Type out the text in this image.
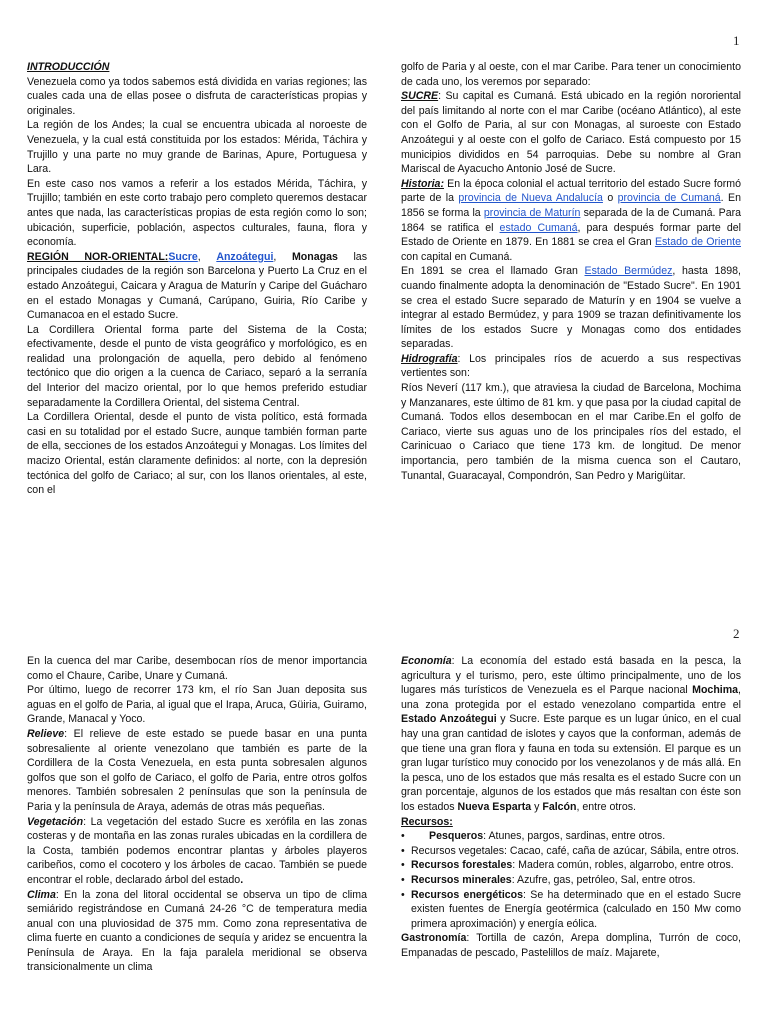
1

INTRODUCCIÓN

Venezuela como ya todos sabemos está dividida en varias regiones; las cuales cada una de ellas posee o disfruta de características propias y originales.

La región de los Andes; la cual se encuentra ubicada al noroeste de Venezuela, y la cual está constituida por los estados: Mérida, Táchira y Trujillo y una parte no muy grande de Barinas, Apure, Portuguesa y Lara.

En este caso nos vamos a referir a los estados Mérida, Táchira, y Trujillo; también en este corto trabajo pero completo queremos destacar antes que nada, las características propias de esta región como lo son; ubicación, superficie, población, aspectos culturales, fauna, flora y economía.

REGIÓN NOR-ORIENTAL:Sucre, Anzoátegui, Monagas las principales ciudades de la región son Barcelona y Puerto La Cruz en el estado Anzoátegui, Caicara y Aragua de Maturín y Caripe del Guácharo en el estado Monagas y Cumaná, Carúpano, Guiria, Río Caribe y Cumanacoa en el estado Sucre.

La Cordillera Oriental forma parte del Sistema de la Costa; efectivamente, desde el punto de vista geográfico y morfológico, es en realidad una prolongación de aquella, pero debido al fenómeno tectónico que dio origen a la cuenca de Cariaco, separó a la serranía del Interior del macizo oriental, por lo que hemos preferido estudiar separadamente la Cordillera Oriental, del sistema Central.

La Cordillera Oriental, desde el punto de vista político, está formada casi en su totalidad por el estado Sucre, aunque también forman parte de ella, secciones de los estados Anzoátegui y Monagas. Los límites del macizo Oriental, están claramente definidos: al norte, con la depresión tectónica del golfo de Cariaco; al sur, con los llanos orientales, al este, con el

golfo de Paria y al oeste, con el mar Caribe. Para tener un conocimiento de cada uno, los veremos por separado:

SUCRE: Su capital es Cumaná. Está ubicado en la región nororiental del país limitando al norte con el mar Caribe (océano Atlántico), al este con el Golfo de Paria, al sur con Monagas, al suroeste con Estado Anzoátegui y al oeste con el golfo de Cariaco. Está compuesto por 15 municipios divididos en 54 parroquias. Debe su nombre al Gran Mariscal de Ayacucho Antonio José de Sucre.

Historia: En la época colonial el actual territorio del estado Sucre formó parte de la provincia de Nueva Andalucía o provincia de Cumaná. En 1856 se forma la provincia de Maturín separada de la de Cumaná. Para 1864 se ratifica el estado Cumaná, para después formar parte del Estado de Oriente en 1879. En 1881 se crea el Gran Estado de Oriente con capital en Cumaná.

En 1891 se crea el llamado Gran Estado Bermúdez, hasta 1898, cuando finalmente adopta la denominación de "Estado Sucre". En 1901 se crea el estado Sucre separado de Maturín y en 1904 se vuelve a integrar al estado Bermúdez, y para 1909 se trazan definitivamente los límites de los estados Sucre y Monagas como dos entidades separadas.

Hidrografía: Los principales ríos de acuerdo a sus respectivas vertientes son:

Ríos Neverí (117 km.), que atraviesa la ciudad de Barcelona, Mochima y Manzanares, este último de 81 km. y que pasa por la ciudad capital de Cumaná. Todos ellos desembocan en el mar Caribe.En el golfo de Cariaco, vierte sus aguas uno de los principales ríos del estado, el Carinicuao o Cariaco que tiene 173 km. de longitud. De menor importancia, pero también de la misma cuenca son el Cautaro, Tunantal, Guaracayal, Compondrón, San Pedro y Marigüitar.

2

En la cuenca del mar Caribe, desembocan ríos de menor importancia como el Chaure, Caribe, Unare y Cumaná.

Por último, luego de recorrer 173 km, el río San Juan deposita sus aguas en el golfo de Paria, al igual que el Irapa, Aruca, Güiria, Guiramo, Grande, Manacal y Yoco.

Relieve: El relieve de este estado se puede basar en una punta sobresaliente al oriente venezolano que también es parte de la Cordillera de la Costa Venezuela, en esta punta sobresalen algunos golfos que son el golfo de Cariaco, el golfo de Paria, entre otros golfos menores. También sobresalen 2 penínsulas que son la península de Paria y la península de Araya, además de otras más pequeñas.

Vegetación: La vegetación del estado Sucre es xerófila en las zonas costeras y de montaña en las zonas rurales ubicadas en la cordillera de la Costa, también podemos encontrar plantas y árboles playeros caribeños, como el cocotero y los árboles de cacao. También se puede encontrar el roble, declarado árbol del estado.

Clima: En la zona del litoral occidental se observa un tipo de clima semiárido registrándose en Cumaná 24-26 °C de temperatura media anual con una pluviosidad de 375 mm. Como zona representativa de clima fuerte en cuanto a condiciones de sequía y aridez se encuentra la Península de Araya. En la faja paralela meridional se observa transicionalmente un clima

Economía: La economía del estado está basada en la pesca, la agricultura y el turismo, pero, este último principalmente, uno de los lugares más turísticos de Venezuela es el Parque nacional Mochima, una zona protegida por el estado venezolano compartida entre el Estado Anzoátegui y Sucre. Este parque es un lugar único, en el cual hay una gran cantidad de islotes y cayos que la conforman, además de que tiene una gran flora y fauna en toda su extensión. El parque es un gran lugar turístico muy conocido por los venezolanos y de más allá. En la pesca, uno de los estados que más resalta es el estado Sucre con un gran porcentaje, algunos de los estados que más resaltan con éste son los estados Nueva Esparta y Falcón, entre otros.

Recursos:

• Pesqueros: Atunes, pargos, sardinas, entre otros.

• Recursos vegetales: Cacao, café, caña de azúcar, Sábila, entre otros.

• Recursos forestales: Madera común, robles, algarrobo, entre otros.

• Recursos minerales: Azufre, gas, petróleo, Sal, entre otros.

• Recursos energéticos: Se ha determinado que en el estado Sucre existen fuentes de Energía geotérmica (calculado en 150 Mw como primera aproximación) y energía eólica.

Gastronomía: Tortilla de cazón, Arepa domplina, Turrón de coco, Empanadas de pescado, Pastelillos de maíz. Majarete,
